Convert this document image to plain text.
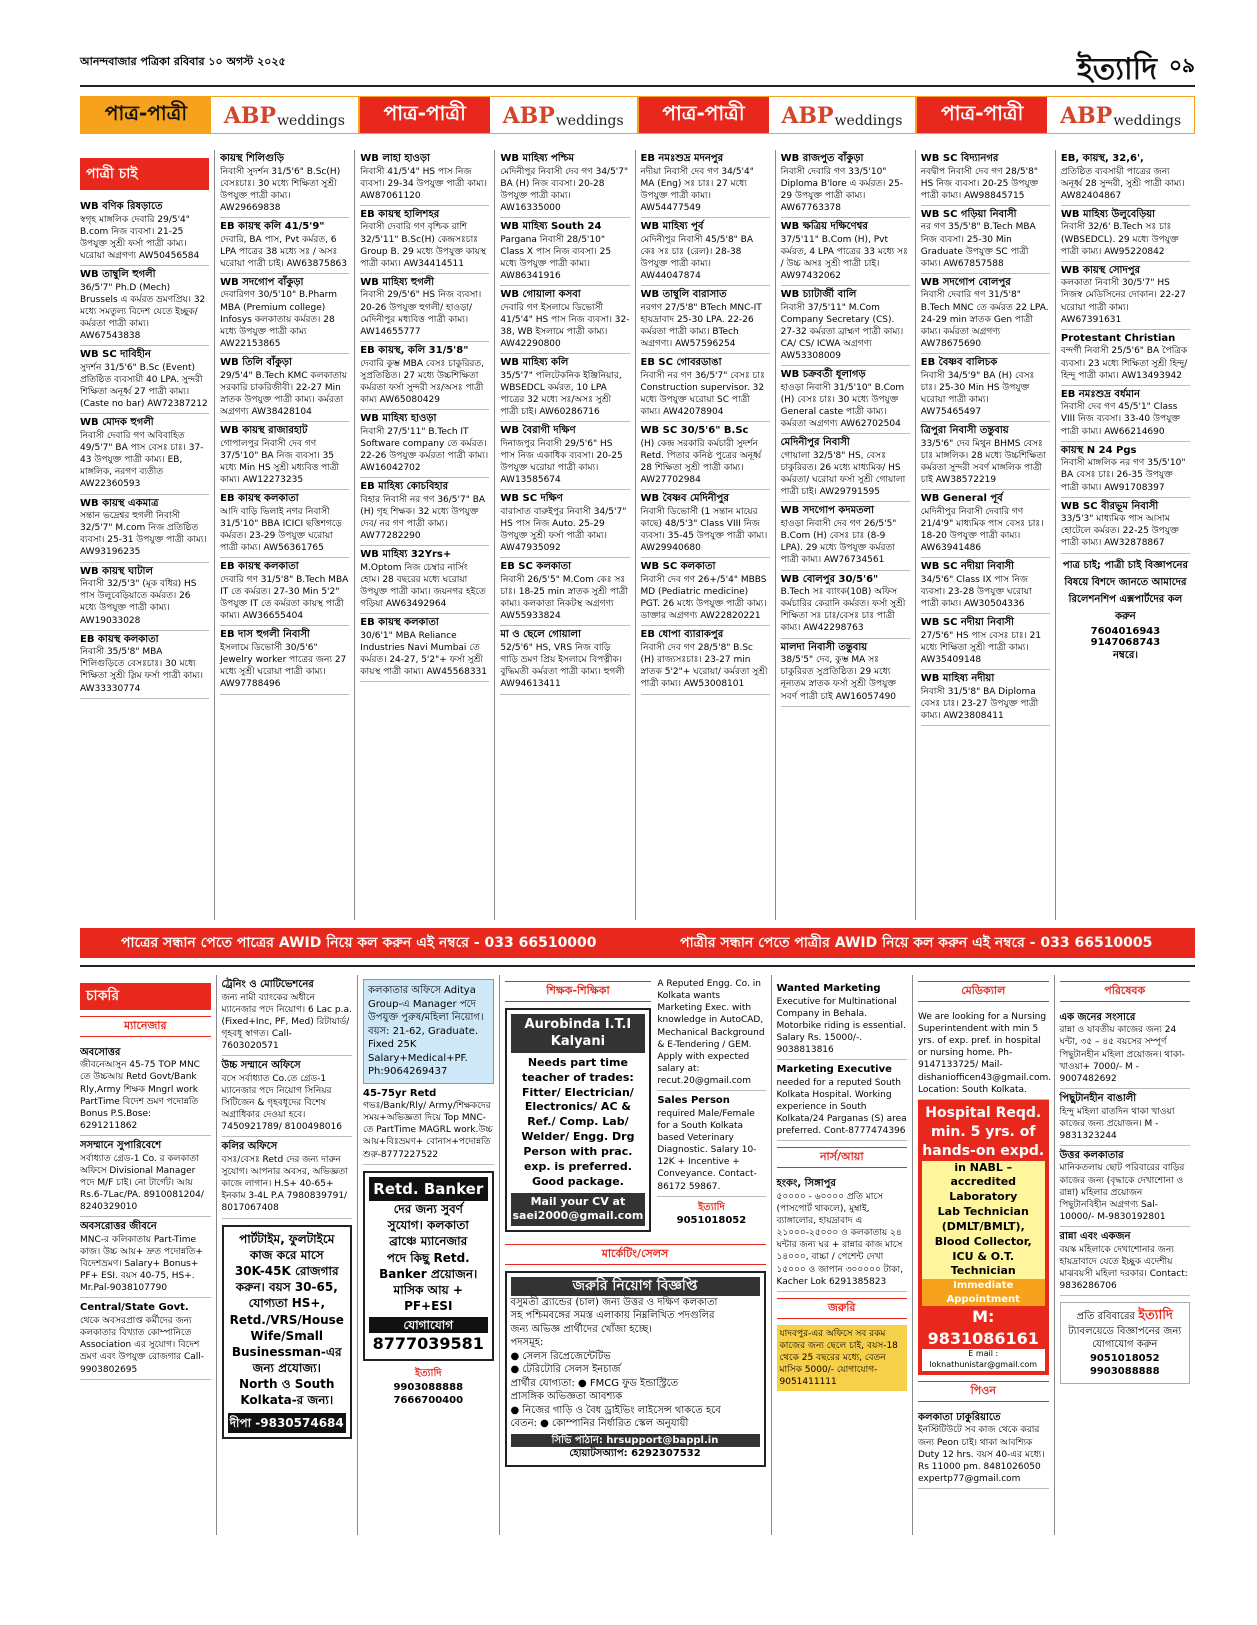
আনন্দবাজার পত্রিকা রবিবার ১০ অগস্ট ২০২৫	ইত্যাদি ০৯
পাত্র-পাত্রী	ABP weddings	পাত্র-পাত্রী	ABP weddings	পাত্র-পাত্রী	ABP weddings	পাত্র-পাত্রী	ABP weddings
পাত্রী চাই
WB বণিক রিষড়াতে
স্বগৃহ মাঙ্গলিক দেবারি 29/5'4" B.com নিজ ব্যবসা। 21-25 উপযুক্ত সুশ্রী ফর্সা পাত্রী কাম্য। ঘরোয়া অগ্রগণ্য AW50456584
WB তাম্বুলি হুগলী
36/5'7" Ph.D (Mech) Brussels এ কর্মরত ভ্রমণপ্রিয়। 32 মধ্যে সমতুল্য বিদেশ যেতে ইচ্ছুক/ কর্মরতা পাত্রী কাম্য। AW67543838
WB SC দাবিহীন
সুদর্শন 31/5'6" B.Sc (Event) প্রতিষ্ঠিত ব্যবসায়ী 40 LPA. সুন্দরী শিক্ষিতা অনূর্ধ্ব 27 পাত্রী কাম্য। (Caste no bar) AW72387212
WB মোদক হুগলী
নিবাসী দেবারি গণ অবিবাহিত 49/5'7" BA পাস বেসঃ চাঃ। 37-43 উপযুক্ত পাত্রী কাম্য। EB, মাঙ্গলিক, নরগণ ব্যতীত AW22360593
WB কায়স্থ একমাত্র
সন্তান ভদ্রেশ্বর হুগলী নিবাসী 32/5'7" M.com নিজ প্রতিষ্ঠিত ব্যবসা। 25-31 উপযুক্ত পাত্রী কাম্য। AW93196235
WB কায়স্থ ঘাটাল
নিবাসী 32/5'3" (মূক বধির) HS পাস উলুবেড়িয়াতে কর্মরত। 26 মধ্যে উপযুক্ত পাত্রী কাম্য। AW19033028
EB কায়স্থ কলকাতা
নিবাসী 35/5'8" MBA শিলিগুড়িতে বেসঃচাঃ। 30 মধ্যে শিক্ষিতা সুশ্রী স্লিম ফর্সা পাত্রী কাম্য। AW33330774
কায়স্থ শিলিগুড়ি
নিবাসী সুদর্শন 31/5'6" B.Sc(H) বেসঃচাঃ। 30 মধ্যে শিক্ষিতা সুশ্রী উপযুক্ত পাত্রী কাম্য। AW29669838
EB কায়স্থ কলি 41/5'9"
দেবারি, BA পাস, Pvt কর্মরত, 6 LPA পাত্রের 38 মধ্যে সঃ / অসঃ ঘরোয়া পাত্রী চাই। AW63875863
WB সদগোপ বাঁকুড়া
দেবারিগণ 30/5'10" B.Pharm MBA (Premium college) Infosys কলকাতায় কর্মরত। 28 মধ্যে উপযুক্ত পাত্রী কাম্য AW22153865
WB তিলি বাঁকুড়া
29/5'4" B.Tech KMC কলকাতায় সরকারি চাকরিজীবী। 22-27 Min স্নাতক উপযুক্ত পাত্রী কাম্য। কর্মরতা অগ্রগণ্য AW38428104
WB কায়স্থ রাজারহাট
গোপালপুর নিবাসী দেব গণ 37/5'10" BA নিজ ব্যবসা। 35 মধ্যে Min HS সুশ্রী মধ্যবিত্ত পাত্রী কাম্য। AW12273235
EB কায়স্থ কলকাতা
আদি বাড়ি ভিলাই নগর নিবাসী 31/5'10" BBA ICICI ছত্তিশগড়ে কর্মরত। 23-29 উপযুক্ত ঘরোয়া পাত্রী কাম্য। AW56361765
EB কায়স্থ কলকাতা
দেবারি গণ 31/5'8" B.Tech MBA IT তে কর্মরত। 27-30 Min 5'2" উপযুক্ত IT তে কর্মরতা কায়স্থ পাত্রী কাম্য। AW36655404
EB দাস হুগলী নিবাসী
ইসলামে ডিভোর্সী 30/5'6" Jewelry worker পাত্রের জন্য 27 মধ্যে সুশ্রী ঘরোয়া পাত্রী কাম্য। AW97788496
WB লাহা হাওড়া
নিবাসী 41/5'4" HS পাস নিজ ব্যবসা। 29-34 উপযুক্ত পাত্রী কাম্য। AW87061120
EB কায়স্থ হালিশহর
নিবাসী দেবারি গণ বৃশ্চিক রাশি 32/5'11" B.Sc(H) কেন্দ্রসঃচাঃ Group B. 29 মধ্যে উপযুক্ত কায়স্থ পাত্রী কাম্য। AW34414511
WB মাহিষ্য হুগলী
নিবাসী 29/5'6" HS নিজ ব্যবসা। 20-26 উপযুক্ত হুগলী/ হাওড়া/ মেদিনীপুর মধ্যবিত্ত পাত্রী কাম্য। AW14655777
EB কায়স্থ, কলি 31/5'8"
দেবারি কুম্ভ MBA বেসঃ চাকুরিরত, সুপ্রতিষ্ঠিত। 27 মধ্যে উচ্চশিক্ষিতা কর্মরতা ফর্সা সুন্দরী সঃ/অসঃ পাত্রী কাম্য AW65080429
WB মাহিষ্য হাওড়া
নিবাসী 27/5'11" B.Tech IT Software company তে কর্মরত। 22-26 উপযুক্ত কর্মরতা পাত্রী কাম্য। AW16042702
EB মাহিষ্য কোচবিহার
বিহার নিবাসী নর গণ 36/5'7" BA (H) গৃহ শিক্ষক। 32 মধ্যে উপযুক্ত দেব/ নর গণ পাত্রী কাম্য। AW77282290
WB মাহিষ্য 32Yrs+
M.Optom নিজ চেম্বার নার্সিং হোম। 28 বছরের মধ্যে ঘরোয়া উপযুক্ত পাত্রী কাম্য। জয়নগর হইতে গড়িয়া AW63492964
EB কায়স্থ কলকাতা
30/6'1" MBA Reliance Industries Navi Mumbai তে কর্মরত। 24-27, 5'2"+ ফর্সা সুশ্রী কায়স্থ পাত্রী কাম্য। AW45568331
WB মাহিষ্য পশ্চিম
মেদিনীপুর নিবাসী দেব গণ 34/5'7" BA (H) নিজ ব্যবসা। 20-28 উপযুক্ত পাত্রী কাম্য। AW16335000
WB মাহিষ্য South 24
Pargana নিবাসী 28/5'10" Class X পাস নিজ ব্যবসা। 25 মধ্যে উপযুক্ত পাত্রী কাম্য। AW86341916
WB গোয়ালা কসবা
দেবারি গণ ইসলামে ডিভোর্সী 41/5'4" HS পাস নিজ ব্যবসা। 32-38, WB ইসলামে পাত্রী কাম্য। AW42290800
WB মাহিষ্য কলি
35/5'7" পলিটেকনিক ইঞ্জিনিয়ার, WBSEDCL কর্মরত, 10 LPA পাত্রের 32 মধ্যে সঃ/অসঃ সুশ্রী পাত্রী চাই। AW60286716
WB বৈরাগী দক্ষিণ
দিনাজপুর নিবাসী 29/5'6" HS পাস নিজ একাধিক ব্যবসা। 20-25 উপযুক্ত ঘরোয়া পাত্রী কাম্য। AW13585674
WB SC দক্ষিণ
বারাসাত বারুইপুর নিবাসী 34/5'7" HS পাস নিজ Auto. 25-29 উপযুক্ত সুশ্রী ফর্সা পাত্রী কাম্য। AW47935092
EB SC কলকাতা
নিবাসী 26/5'5" M.Com কেঃ সঃ চাঃ। 18-25 min স্নাতক সুশ্রী পাত্রী কাম্য। কলকাতা নিকটস্থ অগ্রগণ্য AW55933824
মা ও ছেলে গোয়ালা
52/5'6" HS, VRS নিজ বাড়ি গাড়ি ভ্রমণ প্রিয় ইসলামে বিপত্নীক। বুদ্ধিমতী কর্মরতা পাত্রী কাম্য। হুগলী AW94613411
EB নমঃশুদ্র মদনপুর
নদীয়া নিবাসী দেব গণ 34/5'4" MA (Eng) সঃ চাঃ। 27 মধ্যে উপযুক্ত পাত্রী কাম্য। AW54477549
WB মাহিষ্য পূর্ব
মেদিনীপুর নিবাসী 45/5'8" BA কেঃ সঃ চাঃ (রেল)। 28-38 উপযুক্ত পাত্রী কাম্য। AW44047874
WB তাম্বুলি বারাসাত
নরগণ 27/5'8" BTech MNC-IT হায়দ্রাবাদ 25-30 LPA. 22-26 কর্মরতা পাত্রী কাম্য। BTech অগ্রগণ্য। AW57596254
EB SC গোবরডাঙা
নিবাসী নর গণ 36/5'7" বেসঃ চাঃ Construction supervisor. 32 মধ্যে উপযুক্ত ঘরোয়া SC পাত্রী কাম্য। AW42078904
WB SC 30/5'6" B.Sc
(H) কেন্দ্র সরকারি কর্মচারী সুদর্শন Retd. পিতার কনিষ্ঠ পুত্রের অনূর্ধ্ব 28 শিক্ষিতা সুশ্রী পাত্রী কাম্য। AW27702984
WB বৈষ্ণব মেদিনীপুর
নিবাসী ডিভোর্সী (1 সন্তান মায়ের কাছে) 48/5'3" Class VIII নিজ ব্যবসা। 35-45 উপযুক্ত পাত্রী কাম্য। AW29940680
WB SC কলকাতা
নিবাসী দেব গণ 26+/5'4" MBBS MD (Pediatric medicine) PGT. 26 মধ্যে উপযুক্ত পাত্রী কাম্য। ডাক্তার অগ্রগণ্য AW22820221
EB ধোপা ব্যারাকপুর
নিবাসী দেব গণ 28/5'8" B.Sc (H) রাজ্যসঃচাঃ। 23-27 min স্নাতক 5'2"+ ঘরোয়া/ কর্মরতা সুশ্রী পাত্রী কাম্য। AW53008101
WB রাজপুত বাঁকুড়া
নিবাসী দেবারি গণ 33/5'10" Diploma B'lore এ কর্মরত। 25-29 উপযুক্ত পাত্রী কাম্য। AW67763378
WB ক্ষত্রিয় দক্ষিণেশ্বর
37/5'11" B.Com (H), Pvt কর্মরত, 4 LPA পাত্রের 33 মধ্যে সঃ / উচ্চ অসঃ সুশ্রী পাত্রী চাই। AW97432062
WB চ্যাটার্জী বালি
নিবাসী 37/5'11" M.Com Company Secretary (CS). 27-32 কর্মরতা ব্রাহ্মণ পাত্রী কাম্য। CA/ CS/ ICWA অগ্রগণ্য AW53308009
WB চক্রবর্তী ধূলাগড়
হাওড়া নিবাসী 31/5'10" B.Com (H) বেসঃ চাঃ। 30 মধ্যে উপযুক্ত General caste পাত্রী কাম্য। কর্মরতা অগ্রগণ্য AW62702504
মেদিনীপুর নিবাসী
গোয়ালা 32/5'8" HS, বেসঃ চাকুরিরত। 26 মধ্যে মাধ্যমিক/ HS কর্মরতা/ ঘরোয়া ফর্সা সুশ্রী গোয়ালা পাত্রী চাই। AW29791595
WB সদগোপ কদমতলা
হাওড়া নিবাসী দেব গণ 26/5'5" B.Com (H) বেসঃ চাঃ (8-9 LPA). 29 মধ্যে উপযুক্ত কর্মরতা পাত্রী কাম্য। AW76734561
WB বোলপুর 30/5'6"
B.Tech সঃ ব্যাংক(10B) অফিস কর্মচারির কেরানি কর্মরত। ফর্সা সুশ্রী শিক্ষিতা সঃ চাঃ/বেসঃ চাঃ পাত্রী কাম্য। AW42298763
মালদা নিবাসী তন্তুবায়
38/5'5" দেব, কুম্ভ MA সঃ চাকুরিরত সুপ্রতিষ্ঠিত। 29 মধ্যে নূন্যতম স্নাতক ফর্সা সুশ্রী উপযুক্ত সবর্ণ পাত্রী চাই AW16057490
WB SC বিদ্যানগর
নবদ্বীপ নিবাসী দেব গণ 28/5'8" HS নিজ ব্যবসা। 20-25 উপযুক্ত পাত্রী কাম্য। AW98845715
WB SC গড়িয়া নিবাসী
নর গণ 35/5'8" B.Tech MBA নিজ ব্যবসা। 25-30 Min Graduate উপযুক্ত SC পাত্রী কাম্য। AW67857588
WB সদগোপ বোলপুর
নিবাসী দেবারি গণ 31/5'8" B.Tech MNC তে কর্মরত 22 LPA. 24-29 min স্নাতক Gen পাত্রী কাম্য। কর্মরতা অগ্রগণ্য AW78675690
EB বৈষ্ণব বালিচক
নিবাসী 34/5'9" BA (H) বেসঃ চাঃ। 25-30 Min HS উপযুক্ত ঘরোয়া পাত্রী কাম্য। AW75465497
ত্রিপুরা নিবাসী তন্তুবায়
33/5'6" দেব মিথুন BHMS বেসঃ চাঃ মাঙ্গলিক। 28 মধ্যে উচ্চশিক্ষিতা কর্মরতা সুন্দরী সবর্ণ মাঙ্গলিক পাত্রী চাই AW38572219
WB General পূর্ব
মেদিনীপুর নিবাসী দেবারি গণ 21/4'9" মাধ্যমিক পাস বেসঃ চাঃ। 18-20 উপযুক্ত পাত্রী কাম্য। AW63941486
WB SC নদীয়া নিবাসী
34/5'6" Class IX পাস নিজ ব্যবসা। 23-28 উপযুক্ত ঘরোয়া পাত্রী কাম্য। AW30504336
WB SC নদীয়া নিবাসী
27/5'6" HS পাস বেসঃ চাঃ। 21 মধ্যে শিক্ষিতা সুশ্রী পাত্রী কাম্য। AW35409148
WB মাহিষ্য নদীয়া
নিবাসী 31/5'8" BA Diploma বেসঃ চাঃ। 23-27 উপযুক্ত পাত্রী কাম্য। AW23808411
EB, কায়স্থ, 32,6',
প্রতিষ্ঠিত ব্যবসায়ী পাত্রের জন্য অনূর্ধ্ব 28 সুন্দরী, সুশ্রী পাত্রী কাম্য। AW82404867
WB মাহিষ্য উলুবেড়িয়া
নিবাসী 32/6' B.Tech সঃ চাঃ (WBSEDCL). 29 মধ্যে উপযুক্ত পাত্রী কাম্য। AW95220842
WB কায়স্থ সোদপুর
কলকাতা নিবাসী 30/5'7" HS নিজস্ব মেডিসিনের দোকান। 22-27 ঘরোয়া পাত্রী কাম্য। AW67391631
Protestant Christian
বন্দর্গী নিবাসী 25/5'6" BA পৈত্রিক ব্যবসা। 23 মধ্যে শিক্ষিতা সুশ্রী হিন্দু/ হিন্দু পাত্রী কাম্য। AW13493942
EB নমঃশুদ্র বর্ধমান
নিবাসী দেব গণ 45/5'1" Class VIII নিজ ব্যবসা। 33-40 উপযুক্ত পাত্রী কাম্য। AW66214690
কায়স্থ N 24 Pgs
নিবাসী মাঙ্গলিক নর গণ 35/5'10" BA বেসঃ চাঃ। 26-35 উপযুক্ত পাত্রী কাম্য। AW91708397
WB SC বীরভূম নিবাসী
33/5'3" মাধ্যমিক পাস আসাম হোটেলে কর্মরত। 22-25 উপযুক্ত পাত্রী কাম্য। AW32878867
পাত্র চাই; পাত্রী চাই বিজ্ঞাপনের বিষয়ে বিশদে জানতে আমাদের রিলেশনশিপ এক্সপার্টদের কল করুন
7604016943
9147068743
নম্বরে।
পাত্রের সন্ধান পেতে পাত্রের AWID নিয়ে কল করুন এই নম্বরে - 033 66510000	পাত্রীর সন্ধান পেতে পাত্রীর AWID নিয়ে কল করুন এই নম্বরে - 033 66510005
চাকরি
ম্যানেজার
অবসোত্তর
জীবনেআসুন 45-75 TOP MNC তে উচ্চআয় Retd Govt/Bank Rly,Army শিক্ষক Mngrl work PartTime বিদেশ ভ্রমণ পদোন্নতি Bonus P.S.Bose: 6291211862
সসম্মানে সুপারিবেশে
সর্বাধ্যাত গ্রেড-1 Co. র কলকাতা অফিসে Divisional Manager পদে M/F চাই। নো টার্গেট। আয় Rs.6-7Lac/PA. 8910081204/ 8240329010
অবসরোত্তর জীবনে
MNC-র কলিকাতায় Part-Time কাজ। উচ্চ আয়+ দ্রুত পদোন্নতি+ বিদেশভ্রমণ। Salary+ Bonus+ PF+ ESI. বয়স 40-75, HS+. Mr.Pal-9038107790
Central/State Govt.
থেকে অবসরপ্রাপ্ত কর্মীদের জন্য কলকাতার বিখ্যাত কোম্পানিতে Association এর সুযোগ। বিদেশ ভ্রমণ এবং উপযুক্ত রোজগার Call-9903802695
ট্রেনিং ও মোটিভেশনের
জন্য নামী ব্যাংকের অধীনে ম্যানেজার পদে নিয়োগ। 6 Lac p.a. (Fixed+Inc, PF, Med) রিটায়ার্ড/গৃহবধূ স্বাগত। Call- 7603020571
উচ্চ সম্মানে অফিসে
বসে সর্বাধ্যাত Co.তে গ্রেড-1 ম্যানেজার পদে নিয়োগ সিনিয়র সিটিজেন & গৃহবধূদের বিশেষ অগ্রাধিকার দেওয়া হবে। 7450921789/ 8100498016
কলির অফিসে
বসঃ/বেসঃ Retd দের জন্য দারুন সুযোগ। আপনার অবসর, অভিজ্ঞতা কাজে লাগান। H.S+ 40-65+ ইনকাম 3-4L P.A 7980839791/ 8017067408
পার্টটাইম, ফুলটাইমে কাজ করে মাসে
30K-45K রোজগার
করুন। বয়স 30-65,
যোগ্যতা HS+,
Retd./VRS/House
Wife/Small
Businessman-এর
জন্য প্রযোজ্য।
North ও South
Kolkata-র জন্য।
দীপা -9830574684
কলকাতার অফিসে Aditya Group-এ Manager পদে উপযুক্ত পুরুষ/মহিলা নিয়োগ। বয়স: 21-62, Graduate. Fixed 25K Salary+Medical+PF. Ph:9064269437
45-75yr Retd
গভঃ/Bank/Rly/ Army/শিক্ষকদের সময়+অভিজ্ঞতা দিয়ে Top MNC-তে PartTime MAGRL work.উচ্চ আয়+বিঃভ্রমণ+ বোনাস+পদোন্নতি শুরু-8777227522
Retd. Banker
দের জন্য সুবর্ণ
সুযোগ। কলকাতা
ব্রাঞ্চে ম্যানেজার
পদে কিছু Retd.
Banker প্রয়োজন।
মাসিক আয় +
PF+ESI
যোগাযোগ
8777039581
ইত্যাদি
9903088888
7666700400
শিক্ষক-শিক্ষিকা
Aurobinda I.T.I Kalyani
Needs part time teacher of trades: Fitter/ Electrician/ Electronics/ AC & Ref./ Comp. Lab/ Welder/ Engg. Drg Person with prac. exp. is preferred. Good package.
Mail your CV at saei2000@gmail.com
A Reputed Engg. Co. in Kolkata wants Marketing Exec. with knowledge in AutoCAD, Mechanical Background & E-Tendering / GEM. Apply with expected salary at: recut.20@gmail.com
Sales Person
required Male/Female for a South Kolkata based Veterinary Diagnostic. Salary 10-12K + Incentive + Conveyance. Contact- 86172 59867.
ইত্যাদি
9051018052
মার্কেটিং/সেলস
জরুরি নিয়োগ বিজ্ঞপ্তি
বসুমতী ব্র্যান্ডের (চাল) জন্য উত্তর ও দক্ষিণ কলকাতা
সহ পশ্চিমবঙ্গের সমস্ত এলাকায় নিম্নলিখিত পদগুলির
জন্য অভিজ্ঞ প্রার্থীদের খোঁজা হচ্ছে।
পদসমূহ:
● সেলস রিপ্রেজেন্টেটিভ
● টেরিটোরি সেলস ইনচার্জ
প্রার্থীর যোগ্যতা: ● FMCG ফুড ইন্ডাস্ট্রিতে
প্রাসঙ্গিক অভিজ্ঞতা আবশ্যক
● নিজের গাড়ি ও বৈধ ড্রাইভিং লাইসেন্স থাকতে হবে
বেতন: ● কোম্পানির নির্ধারিত স্কেল অনুযায়ী
সিভি পাঠান: hrsupport@bappl.in
হোয়াটসঅ্যাপ: 6292307532
Wanted Marketing
Executive for Multinational Company in Behala. Motorbike riding is essential. Salary Rs. 15000/-. 9038813816
Marketing Executive
needed for a reputed South Kolkata Hospital. Working experience in South Kolkata/24 Parganas (S) area preferred. Cont-8777474396
নার্স/আয়া
হংকং, সিঙ্গাপুর
৫০০০০ - ৬০০০০ প্রতি মাসে (পাসপোর্ট থাকলে), মুম্বাই, ব্যাঙ্গালোর, হায়দ্রাবাদ এ ২১০০০-২৫০০০ ও কলকাতায় ২৪ ঘন্টার জন্য ঘর + রান্নার কাজ মাসে ১৪০০০, বাচ্চা / পেশেন্ট দেখা ১৫০০০ ও জাপান ৩০০০০০ টাকা, Kacher Lok 6291385823
জরুরি
যাদবপুর-এর অফিসে সব রকম কাজের জন্য ছেলে চাই, বয়স-18 থেকে 25 বছরের মধ্যে, বেতন মাসিক 5000/- যোগাযোগ- 9051411111
মেডিক্যাল
We are looking for a Nursing Superintendent with min 5 yrs. of exp. pref. in hospital or nursing home. Ph- 9147133725/ Mail- dishaniofficen43@gmail.com. Location: South Kolkata.
Hospital Reqd. min. 5 yrs. of hands-on expd.
in NABL –accredited
Laboratory
Lab Technician
(DMLT/BMLT),
Blood Collector,
ICU & O.T. Technician
Immediate Appointment
M: 9831086161
E mail : loknathunistar@gmail.com
পিওন
কলকাতা ঢাকুরিয়াতে
ইনস্টিটিউটে সব কাজ থেকে করার জন্য Peon চাই। থাকা আবশ্যিক Duty 12 hrs. বয়স 40-এর মধ্যে। Rs 11000 pm. 8481026050 expertp77@gmail.com
পরিষেবক
এক জনের সংসারে
রান্না ও যাবতীয় কাজের জন্য 24 ঘন্টা, ৩৫ – ৪৫ বয়সের সম্পূর্ণ পিছুটানহীন মহিলা প্রয়োজন। থাকা-খাওয়া+ 7000/- M - 9007482692
পিছুটানহীন বাঙালী
হিন্দু মহিলা রাতদিন থাকা খাওয়া কাজের জন্য প্রয়োজন। M - 9831323244
উত্তর কলকাতার
মানিকতলায় ছোট পরিবারের বাড়ির কাজের জন্য (বৃদ্ধাকে দেখাশোনা ও রান্না) মহিলার প্রয়োজন পিছুটানবিহীন অগ্রগণ্য Sal-10000/- M-9830192801
রান্না এবং একজন
বয়স্ক মহিলাকে দেখাশোনার জন্য হায়দ্রাবাদে যেতে ইচ্ছুক এদেশীয় মাঝবয়সী মহিলা দরকার। Contact: 9836286706
প্রতি রবিবারের ইত্যাদি
ট্যাবলয়েডে বিজ্ঞাপনের জন্য যোগাযোগ করুন
9051018052
9903088888
